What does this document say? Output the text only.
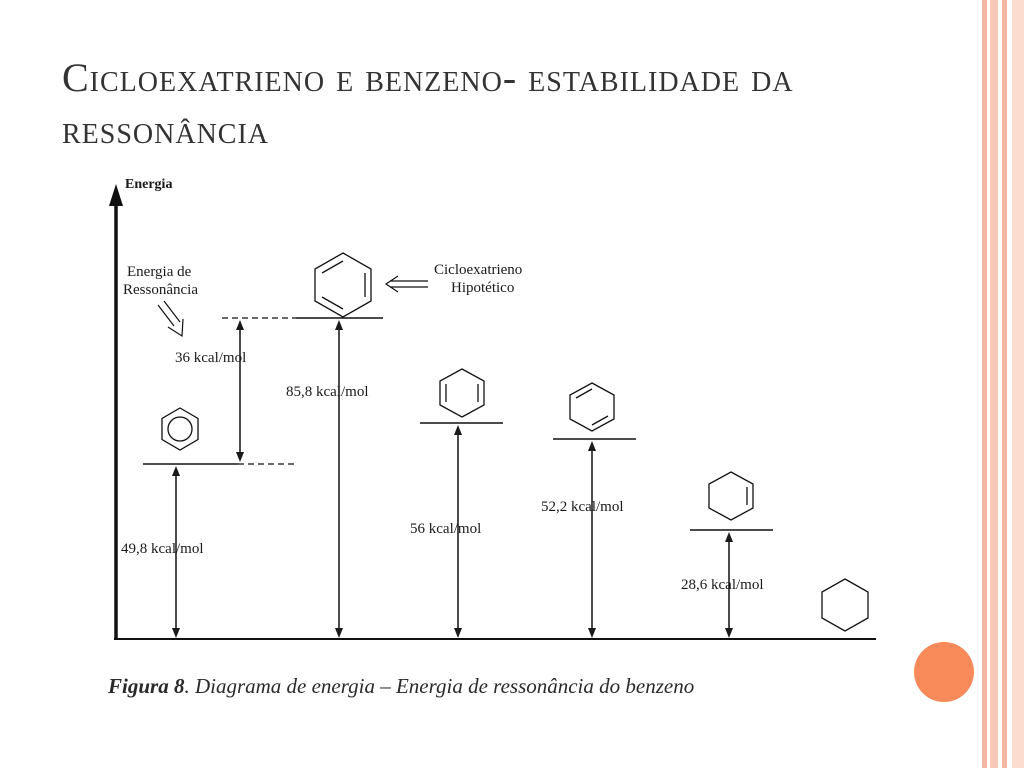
Cicloexatrieno e benzeno- estabilidade da ressonância
Energia
49,8 kcal/mol
36 kcal/mol
Energia de
Ressonância
85,8 kcal/mol
Cicloexatrieno
Hipotético
56 kcal/mol
52,2 kcal/mol
28,6 kcal/mol
Figura 8. Diagrama de energia – Energia de ressonância do benzeno
